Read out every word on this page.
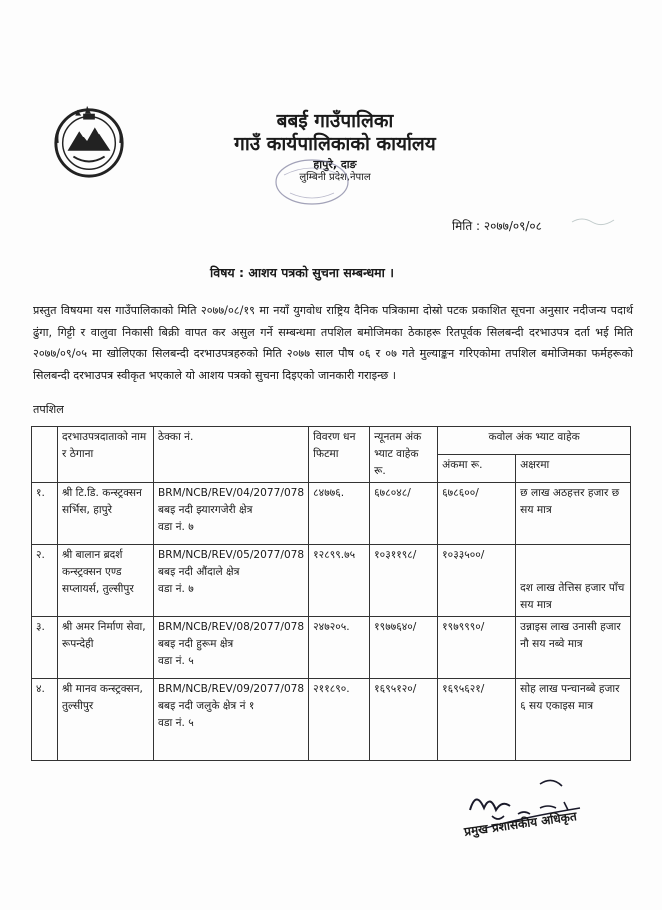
बबई गाउँपालिका
गाउँ कार्यपालिकाको कार्यालय
हापुरे, दाङ
लुम्बिनी प्रदेश,नेपाल
मिति : २०७७/०९/०८
विषय : आशय पत्रको सुचना सम्बन्धमा ।
प्रस्तुत विषयमा यस गाउँपालिकाको मिति २०७७/०८/१९ मा नयाँ युगवोध राष्ट्रिय दैनिक पत्रिकामा दोस्रो पटक प्रकाशित सूचना अनुसार नदीजन्य पदार्थ ढुंगा, गिट्टी र वालुवा निकासी बिक्री वापत कर असुल गर्ने सम्बन्धमा तपशिल बमोजिमका ठेकाहरू रितपूर्वक सिलबन्दी दरभाउपत्र दर्ता भई मिति २०७७/०९/०५ मा खोलिएका सिलबन्दी दरभाउपत्रहरुको मिति २०७७ साल पौष ०६ र ०७ गते मुल्याङ्कन गरिएकोमा तपशिल बमोजिमका फर्महरूको सिलबन्दी दरभाउपत्र स्वीकृत भएकाले यो आशय पत्रको सुचना दिइएको जानकारी गराइन्छ ।
तपशिल
	दरभाउपत्रदाताको नाम र ठेगाना	ठेक्का नं.	विवरण धन फिटमा	न्यूनतम अंक भ्याट वाहेक रू.	कवोल अंक भ्याट वाहेक	
					अंकमा रू.	अक्षरमा
१.	श्री टि.डि. कन्स्ट्रक्सन सर्भिस, हापुरे	BRM/NCB/REV/04/2077/078
बबइ नदी झ्यारगजेरी क्षेत्र
वडा नं. ७	८४७७६.	६७८०४८/	६७८६००/	छ लाख अठहत्तर हजार छ सय मात्र
२.	श्री बालान ब्रदर्श कन्स्ट्रक्सन एण्ड सप्लायर्स, तुल्सीपुर	BRM/NCB/REV/05/2077/078
बबइ नदी औंदाले क्षेत्र
वडा नं. ७	१२८९९.७५	१०३११९८/	१०३३५००/	दश लाख तेत्तिस हजार पाँच सय मात्र
३.	श्री अमर निर्माण सेवा, रूपन्देही	BRM/NCB/REV/08/2077/078
बबइ नदी हुरूम क्षेत्र
वडा नं. ५	२४७२०५.	१९७७६४०/	१९७९९९०/	उन्नाइस लाख उनासी हजार नौ सय नब्वे मात्र
४.	श्री मानव कन्स्ट्रक्सन, तुल्सीपुर	BRM/NCB/REV/09/2077/078
बबइ नदी जलुके क्षेत्र नं १
वडा नं. ५	२११८९०.	१६९५१२०/	१६९५६२१/	सोह लाख पन्चानब्बे हजार ६ सय एकाइस मात्र
प्रमुख प्रशासकीय अधिकृत
